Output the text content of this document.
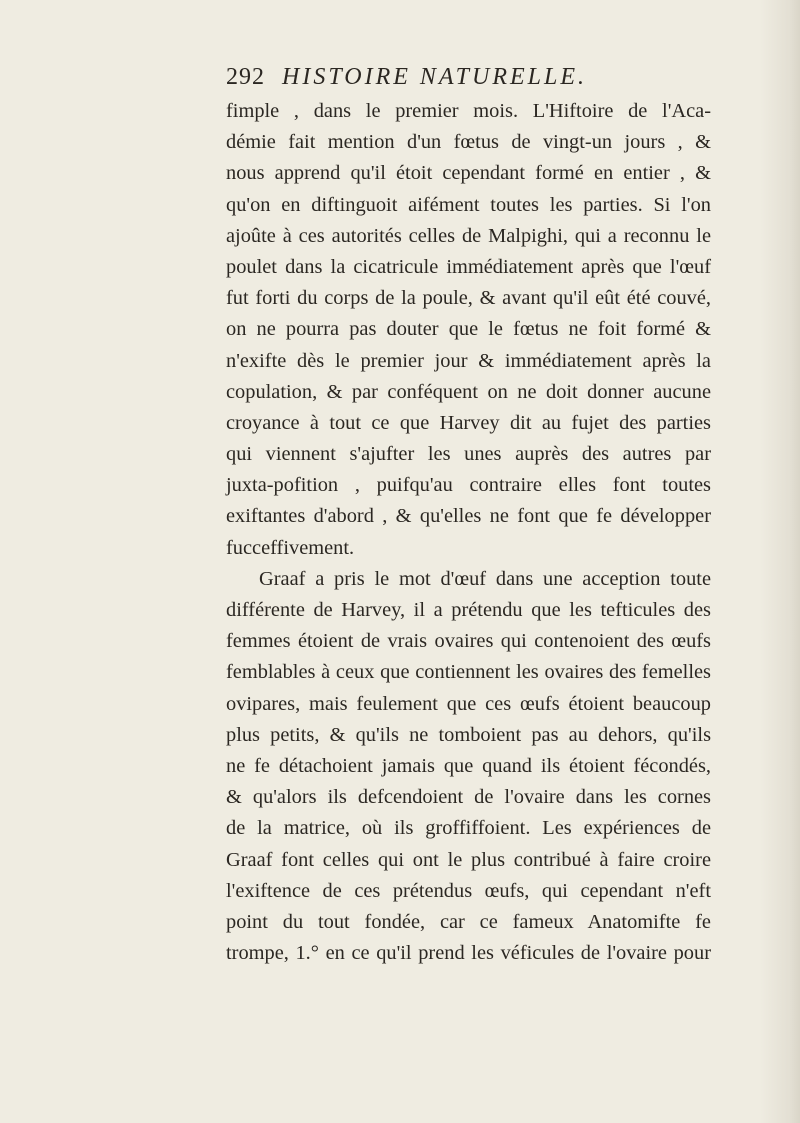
292 HISTOIRE NATURELLE.
fimple , dans le premier mois. L'Hiftoire de l'Aca-
démie fait mention d'un fœtus de vingt-un jours , &
nous apprend qu'il étoit cependant formé en entier , &
qu'on en diftinguoit aifément toutes les parties. Si l'on
ajoûte à ces autorités celles de Malpighi, qui a reconnu le
poulet dans la cicatricule immédiatement après que l'œuf
fut forti du corps de la poule, & avant qu'il eût été couvé,
on ne pourra pas douter que le fœtus ne foit formé &
n'exifte dès le premier jour & immédiatement après la
copulation, & par conféquent on ne doit donner aucune
croyance à tout ce que Harvey dit au fujet des parties
qui viennent s'ajufter les unes auprès des autres par
juxta-pofition , puifqu'au contraire elles font toutes
exiftantes d'abord , & qu'elles ne font que fe développer
fucceffivement.
Graaf a pris le mot d'œuf dans une acception toute
différente de Harvey, il a prétendu que les tefticules des
femmes étoient de vrais ovaires qui contenoient des œufs
femblables à ceux que contiennent les ovaires des femelles
ovipares, mais feulement que ces œufs étoient beaucoup
plus petits, & qu'ils ne tomboient pas au dehors, qu'ils
ne fe détachoient jamais que quand ils étoient fécondés,
& qu'alors ils defcendoient de l'ovaire dans les cornes
de la matrice, où ils groffiffoient. Les expériences de
Graaf font celles qui ont le plus contribué à faire croire
l'exiftence de ces prétendus œufs, qui cependant n'eft
point du tout fondée, car ce fameux Anatomifte fe
trompe, 1.° en ce qu'il prend les véficules de l'ovaire pour
